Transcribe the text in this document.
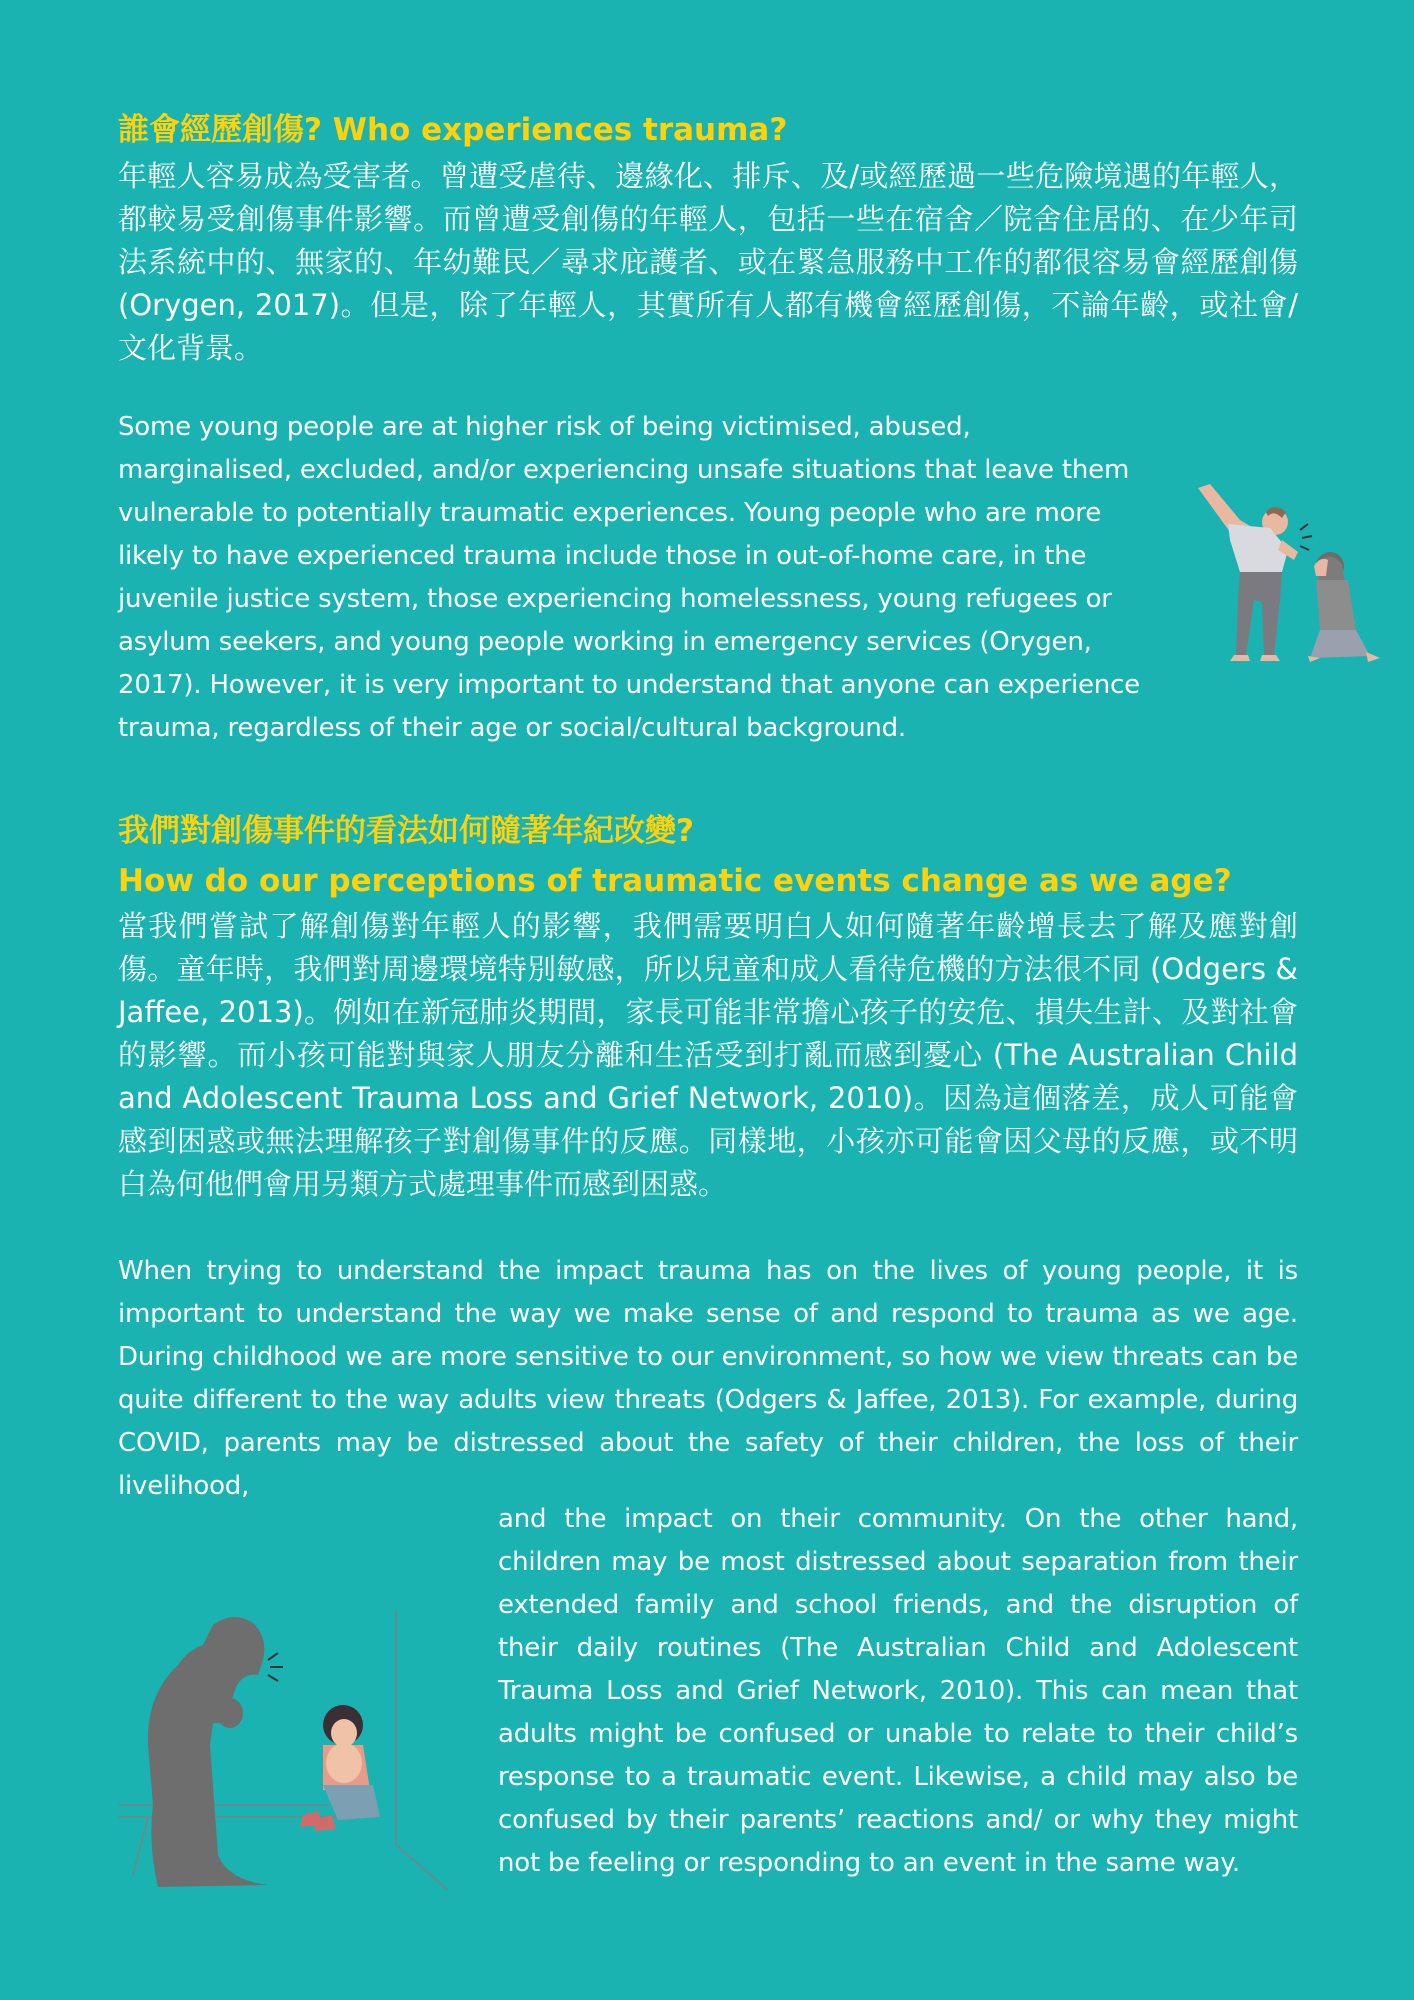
誰會經歷創傷? Who experiences trauma?

年輕人容易成為受害者。曾遭受虐待、邊緣化、排斥、及/或經歷過一些危險境遇的年輕人，都較易受創傷事件影響。而曾遭受創傷的年輕人，包括一些在宿舍／院舍住居的、在少年司法系統中的、無家的、年幼難民／尋求庇護者、或在緊急服務中工作的都很容易會經歷創傷 (Orygen, 2017)。但是，除了年輕人，其實所有人都有機會經歷創傷，不論年齡，或社會/文化背景。

Some young people are at higher risk of being victimised, abused, marginalised, excluded, and/or experiencing unsafe situations that leave them vulnerable to potentially traumatic experiences. Young people who are more likely to have experienced trauma include those in out-of-home care, in the juvenile justice system, those experiencing homelessness, young refugees or asylum seekers, and young people working in emergency services (Orygen, 2017). However, it is very important to understand that anyone can experience trauma, regardless of their age or social/cultural background.

我們對創傷事件的看法如何隨著年紀改變?
How do our perceptions of traumatic events change as we age?

當我們嘗試了解創傷對年輕人的影響，我們需要明白人如何隨著年齡增長去了解及應對創傷。童年時，我們對周邊環境特別敏感，所以兒童和成人看待危機的方法很不同 (Odgers & Jaffee, 2013)。例如在新冠肺炎期間，家長可能非常擔心孩子的安危、損失生計、及對社會的影響。而小孩可能對與家人朋友分離和生活受到打亂而感到憂心 (The Australian Child and Adolescent Trauma Loss and Grief Network, 2010)。因為這個落差，成人可能會感到困惑或無法理解孩子對創傷事件的反應。同樣地，小孩亦可能會因父母的反應，或不明白為何他們會用另類方式處理事件而感到困惑。

When trying to understand the impact trauma has on the lives of young people, it is important to understand the way we make sense of and respond to trauma as we age. During childhood we are more sensitive to our environment, so how we view threats can be quite different to the way adults view threats (Odgers & Jaffee, 2013). For example, during COVID, parents may be distressed about the safety of their children, the loss of their livelihood,

and the impact on their community. On the other hand, children may be most distressed about separation from their extended family and school friends, and the disruption of their daily routines (The Australian Child and Adolescent Trauma Loss and Grief Network, 2010). This can mean that adults might be confused or unable to relate to their child’s response to a traumatic event. Likewise, a child may also be confused by their parents’ reactions and/ or why they might not be feeling or responding to an event in the same way.
